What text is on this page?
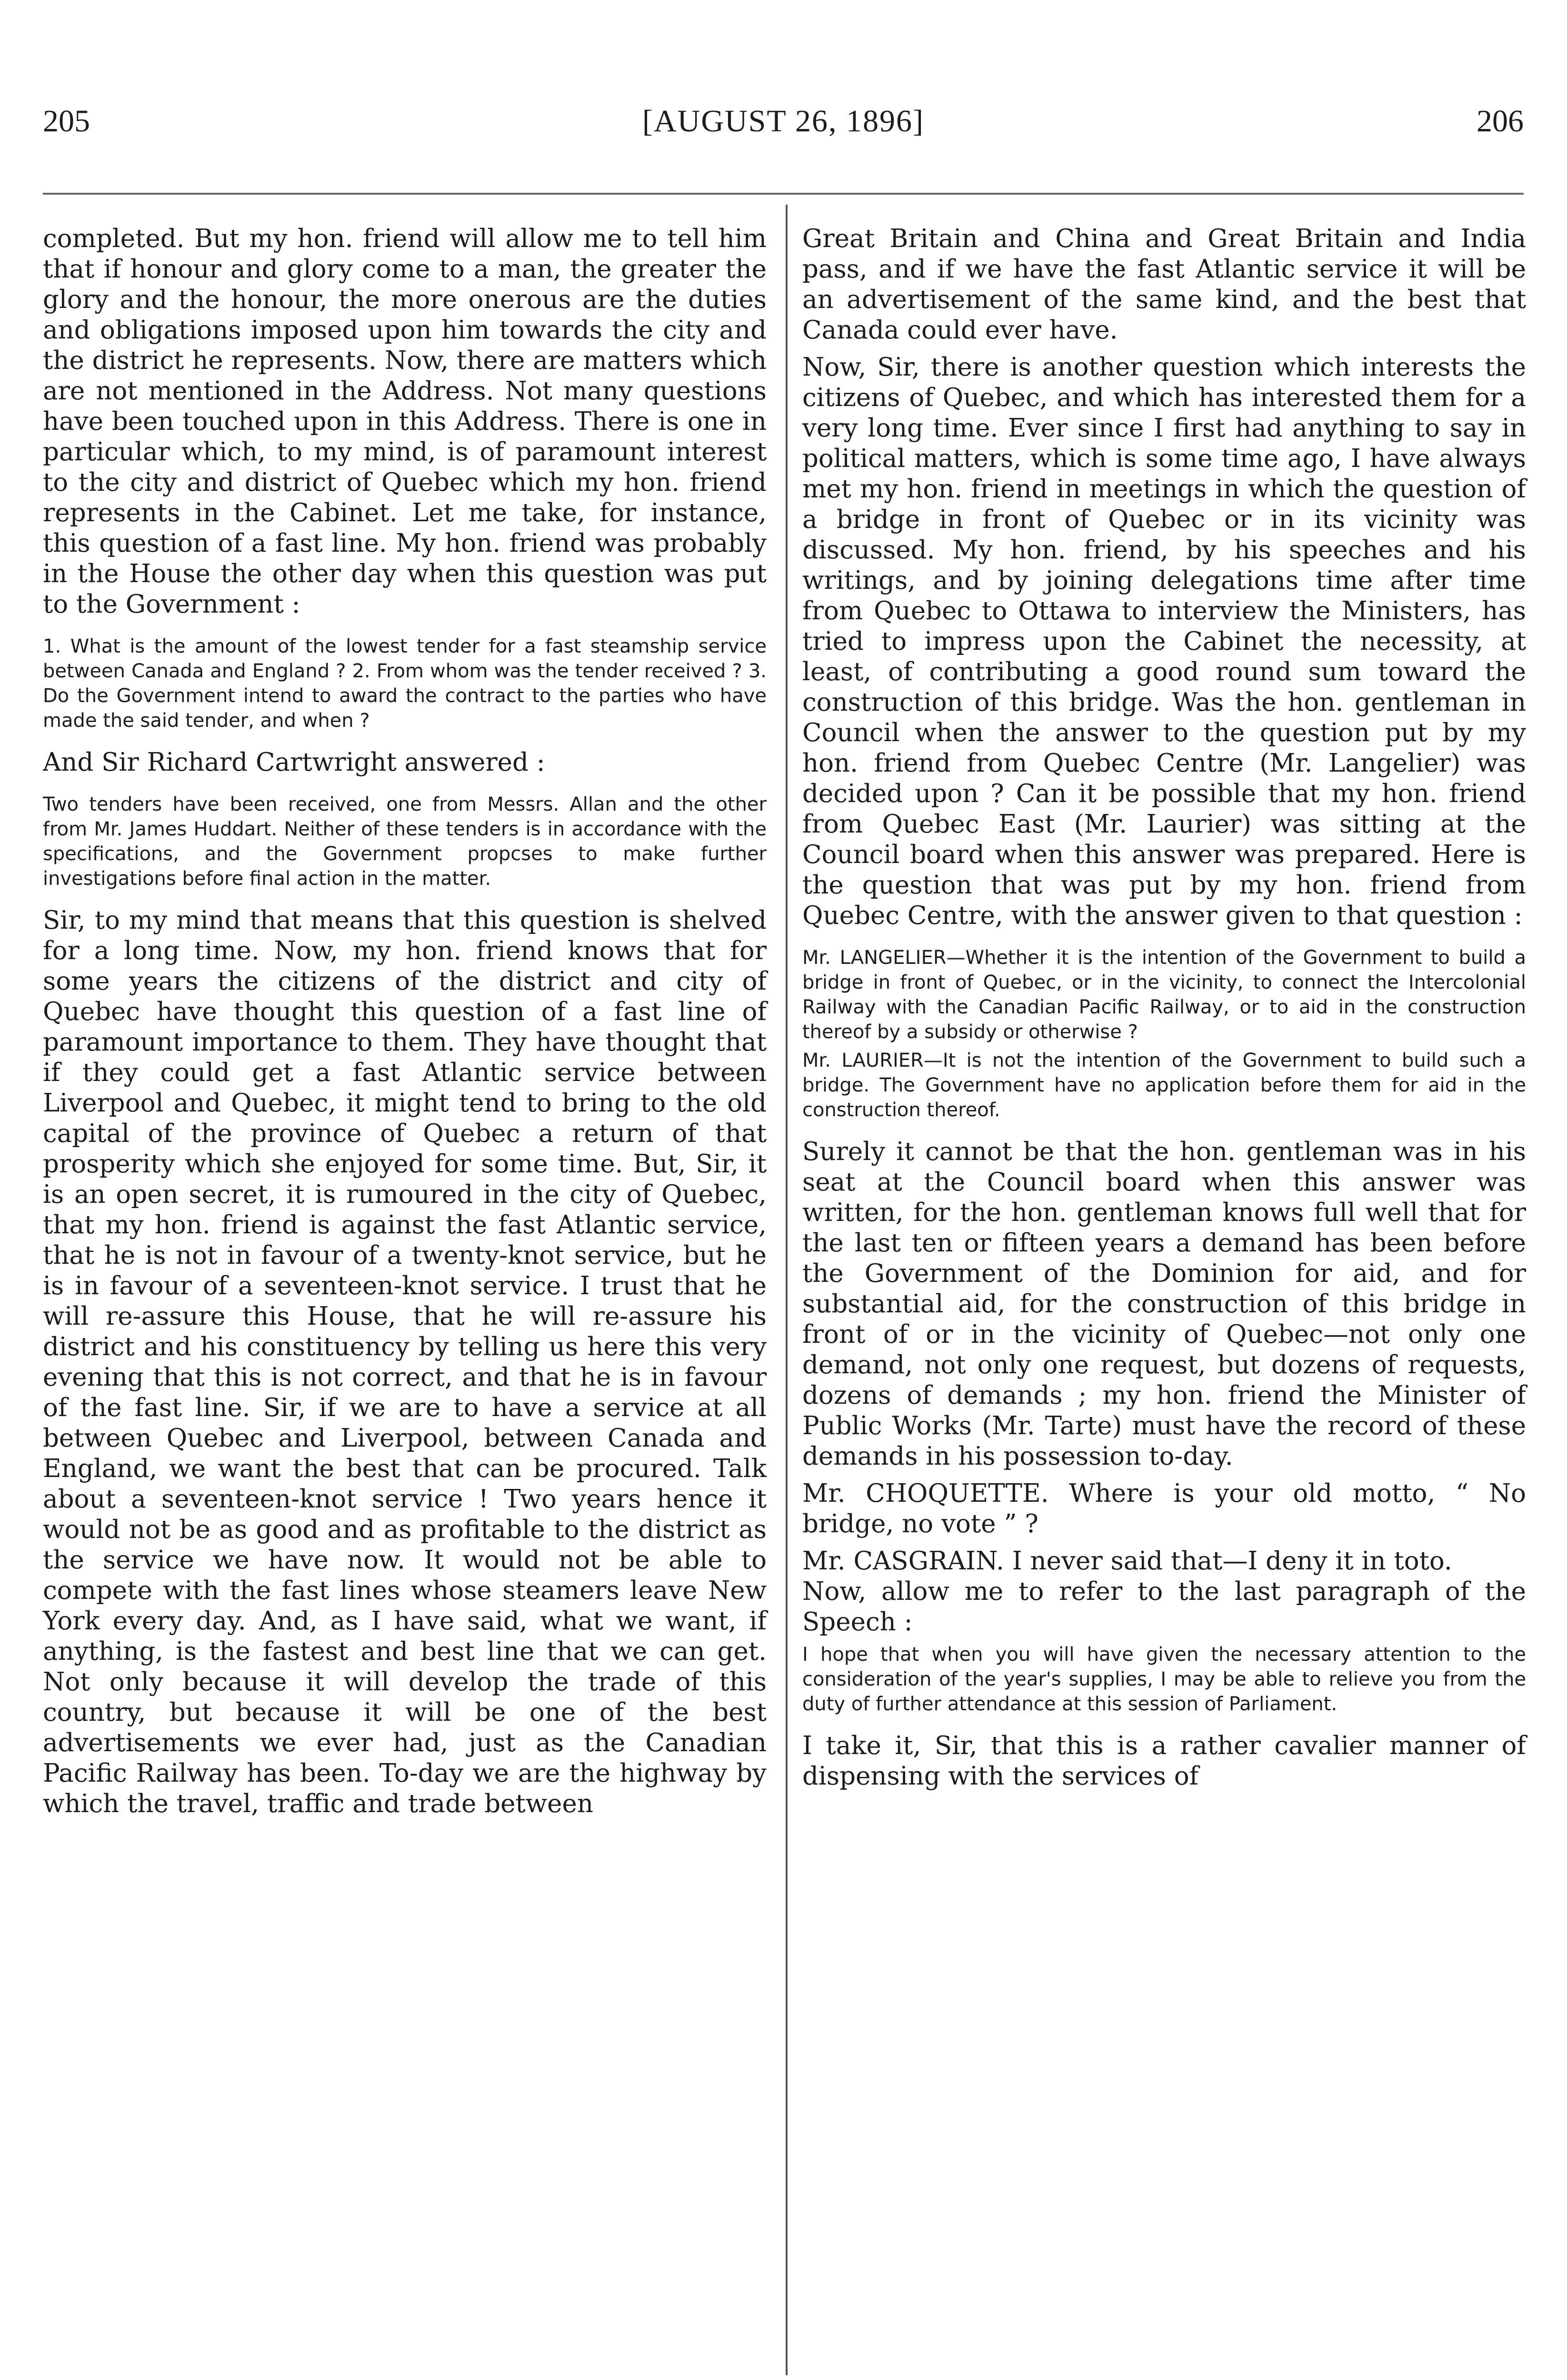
205	[AUGUST 26, 1896]	206

completed. But my hon. friend will allow me to tell him that if honour and glory come to a man, the greater the glory and the honour, the more onerous are the duties and obligations imposed upon him towards the city and the district he represents. Now, there are matters which are not mentioned in the Address. Not many questions have been touched upon in this Address. There is one in particular which, to my mind, is of paramount interest to the city and district of Quebec which my hon. friend represents in the Cabinet. Let me take, for instance, this question of a fast line. My hon. friend was probably in the House the other day when this question was put to the Government :

1. What is the amount of the lowest tender for a fast steamship service between Canada and England ? 2. From whom was the tender received ? 3. Do the Government intend to award the contract to the parties who have made the said tender, and when ?

And Sir Richard Cartwright answered :

Two tenders have been received, one from Messrs. Allan and the other from Mr. James Huddart. Neither of these tenders is in accordance with the specifications, and the Government propcses to make further investigations before final action in the matter.

Sir, to my mind that means that this question is shelved for a long time. Now, my hon. friend knows that for some years the citizens of the district and city of Quebec have thought this question of a fast line of paramount importance to them. They have thought that if they could get a fast Atlantic service between Liverpool and Quebec, it might tend to bring to the old capital of the province of Quebec a return of that prosperity which she enjoyed for some time. But, Sir, it is an open secret, it is rumoured in the city of Quebec, that my hon. friend is against the fast Atlantic service, that he is not in favour of a twenty-knot service, but he is in favour of a seventeen-knot service. I trust that he will re-assure this House, that he will re-assure his district and his constituency by telling us here this very evening that this is not correct, and that he is in favour of the fast line. Sir, if we are to have a service at all between Quebec and Liverpool, between Canada and England, we want the best that can be procured. Talk about a seventeen-knot service ! Two years hence it would not be as good and as profitable to the district as the service we have now. It would not be able to compete with the fast lines whose steamers leave New York every day. And, as I have said, what we want, if anything, is the fastest and best line that we can get. Not only because it will develop the trade of this country, but because it will be one of the best advertisements we ever had, just as the Canadian Pacific Railway has been. To-day we are the highway by which the travel, traffic and trade between

Great Britain and China and Great Britain and India pass, and if we have the fast Atlantic service it will be an advertisement of the same kind, and the best that Canada could ever have.

Now, Sir, there is another question which interests the citizens of Quebec, and which has interested them for a very long time. Ever since I first had anything to say in political matters, which is some time ago, I have always met my hon. friend in meetings in which the question of a bridge in front of Quebec or in its vicinity was discussed. My hon. friend, by his speeches and his writings, and by joining delegations time after time from Quebec to Ottawa to interview the Ministers, has tried to impress upon the Cabinet the necessity, at least, of contributing a good round sum toward the construction of this bridge. Was the hon. gentleman in Council when the answer to the question put by my hon. friend from Quebec Centre (Mr. Langelier) was decided upon ? Can it be possible that my hon. friend from Quebec East (Mr. Laurier) was sitting at the Council board when this answer was prepared. Here is the question that was put by my hon. friend from Quebec Centre, with the answer given to that question :

Mr. LANGELIER—Whether it is the intention of the Government to build a bridge in front of Quebec, or in the vicinity, to connect the Intercolonial Railway with the Canadian Pacific Railway, or to aid in the construction thereof by a subsidy or otherwise ?

Mr. LAURIER—It is not the intention of the Government to build such a bridge. The Government have no application before them for aid in the construction thereof.

Surely it cannot be that the hon. gentleman was in his seat at the Council board when this answer was written, for the hon. gentleman knows full well that for the last ten or fifteen years a demand has been before the Government of the Dominion for aid, and for substantial aid, for the construction of this bridge in front of or in the vicinity of Quebec—not only one demand, not only one request, but dozens of requests, dozens of demands ; my hon. friend the Minister of Public Works (Mr. Tarte) must have the record of these demands in his possession to-day.

Mr. CHOQUETTE. Where is your old motto, “ No bridge, no vote ” ?

Mr. CASGRAIN. I never said that—I deny it in toto.

Now, allow me to refer to the last paragraph of the Speech :

I hope that when you will have given the necessary attention to the consideration of the year's supplies, I may be able to relieve you from the duty of further attendance at this session of Parliament.

I take it, Sir, that this is a rather cavalier manner of dispensing with the services of
